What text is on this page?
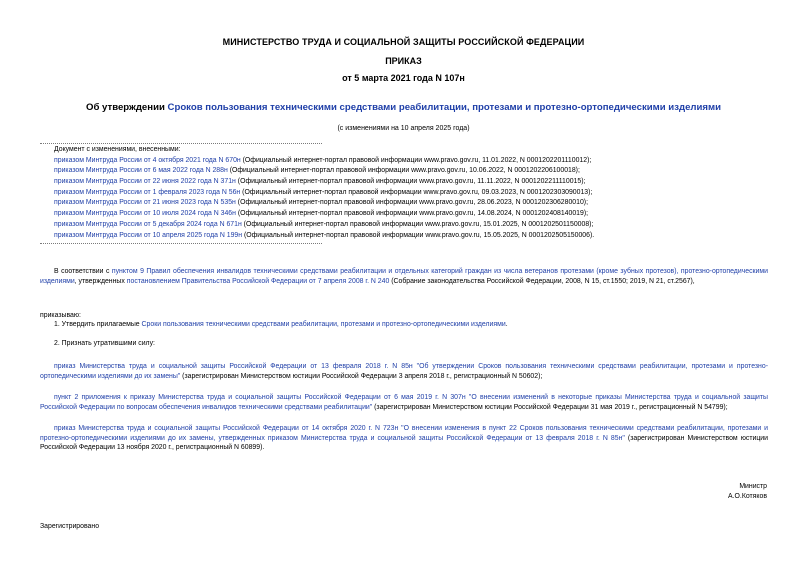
МИНИСТЕРСТВО ТРУДА И СОЦИАЛЬНОЙ ЗАЩИТЫ РОССИЙСКОЙ ФЕДЕРАЦИИ
ПРИКАЗ
от 5 марта 2021 года N 107н
Об утверждении Сроков пользования техническими средствами реабилитации, протезами и протезно-ортопедическими изделиями
(с изменениями на 10 апреля 2025 года)
Документ с изменениями, внесенными:
приказом Минтруда России от 4 октября 2021 года N 670н (Официальный интернет-портал правовой информации www.pravo.gov.ru, 11.01.2022, N 0001202201110012);
приказом Минтруда России от 6 мая 2022 года N 288н (Официальный интернет-портал правовой информации www.pravo.gov.ru, 10.06.2022, N 0001202206100018);
приказом Минтруда России от 22 июня 2022 года N 371н (Официальный интернет-портал правовой информации www.pravo.gov.ru, 11.11.2022, N 0001202211110015);
приказом Минтруда России от 1 февраля 2023 года N 56н (Официальный интернет-портал правовой информации www.pravo.gov.ru, 09.03.2023, N 0001202303090013);
приказом Минтруда России от 21 июня 2023 года N 535н (Официальный интернет-портал правовой информации www.pravo.gov.ru, 28.06.2023, N 0001202306280010);
приказом Минтруда России от 10 июля 2024 года N 346н (Официальный интернет-портал правовой информации www.pravo.gov.ru, 14.08.2024, N 0001202408140019);
приказом Минтруда России от 5 декабря 2024 года N 671н (Официальный интернет-портал правовой информации www.pravo.gov.ru, 15.01.2025, N 0001202501150008);
приказом Минтруда России от 10 апреля 2025 года N 199н (Официальный интернет-портал правовой информации www.pravo.gov.ru, 15.05.2025, N 0001202505150006).
В соответствии с пунктом 9 Правил обеспечения инвалидов техническими средствами реабилитации и отдельных категорий граждан из числа ветеранов протезами (кроме зубных протезов), протезно-ортопедическими изделиями, утвержденных постановлением Правительства Российской Федерации от 7 апреля 2008 г. N 240 (Собрание законодательства Российской Федерации, 2008, N 15, ст.1550; 2019, N 21, ст.2567),
приказываю:
1. Утвердить прилагаемые Сроки пользования техническими средствами реабилитации, протезами и протезно-ортопедическими изделиями.
2. Признать утратившими силу:
приказ Министерства труда и социальной защиты Российской Федерации от 13 февраля 2018 г. N 85н "Об утверждении Сроков пользования техническими средствами реабилитации, протезами и протезно-ортопедическими изделиями до их замены" (зарегистрирован Министерством юстиции Российской Федерации 3 апреля 2018 г., регистрационный N 50602);
пункт 2 приложения к приказу Министерства труда и социальной защиты Российской Федерации от 6 мая 2019 г. N 307н "О внесении изменений в некоторые приказы Министерства труда и социальной защиты Российской Федерации по вопросам обеспечения инвалидов техническими средствами реабилитации" (зарегистрирован Министерством юстиции Российской Федерации 31 мая 2019 г., регистрационный N 54799);
приказ Министерства труда и социальной защиты Российской Федерации от 14 октября 2020 г. N 723н "О внесении изменения в пункт 22 Сроков пользования техническими средствами реабилитации, протезами и протезно-ортопедическими изделиями до их замены, утвержденных приказом Министерства труда и социальной защиты Российской Федерации от 13 февраля 2018 г. N 85н" (зарегистрирован Министерством юстиции Российской Федерации 13 ноября 2020 г., регистрационный N 60899).
Министр
А.О.Котяков
Зарегистрировано
